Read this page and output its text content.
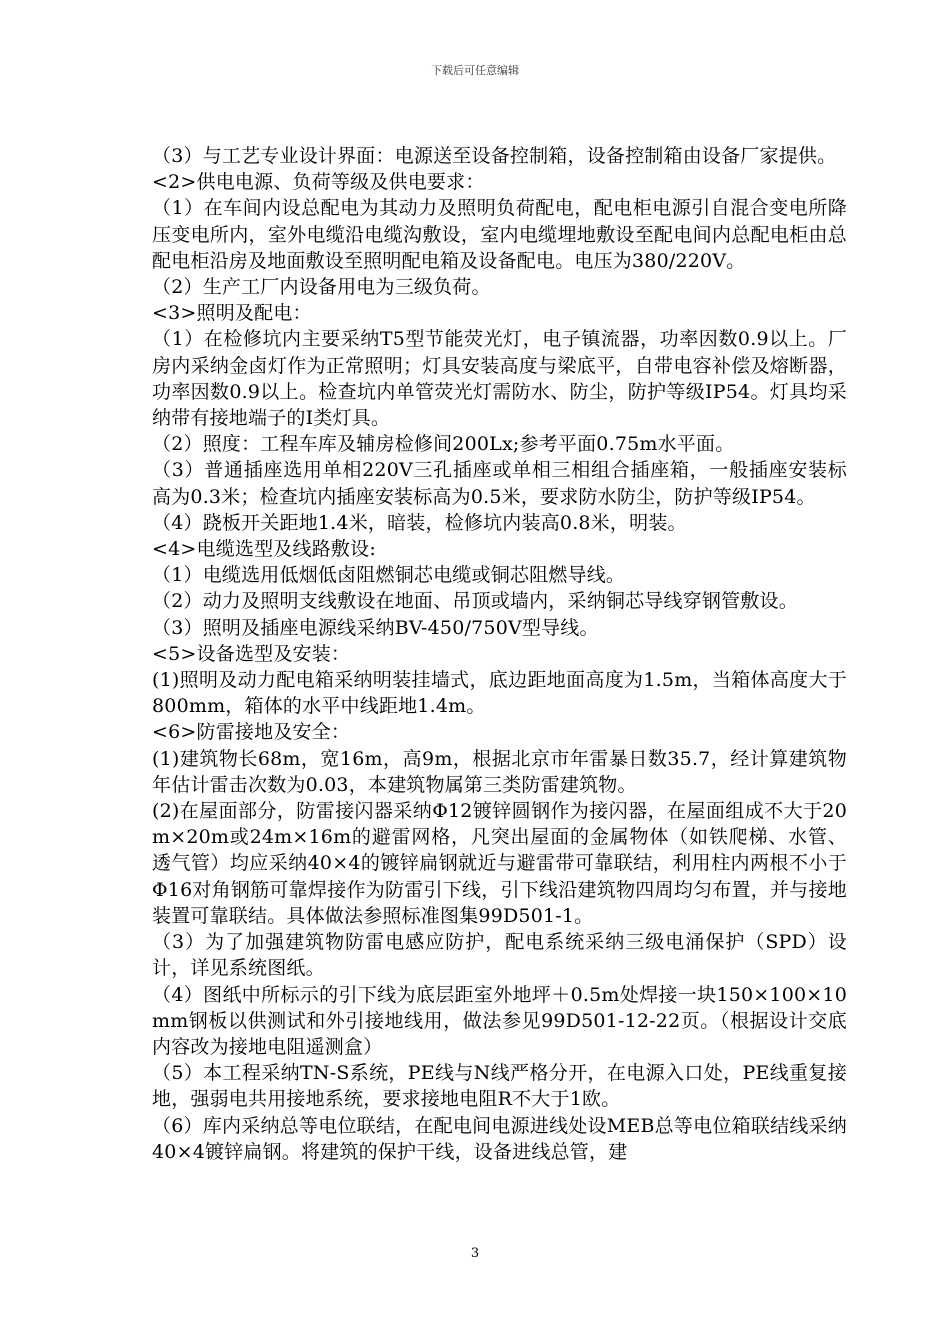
下载后可任意编辑

（3）与工艺专业设计界面：电源送至设备控制箱，设备控制箱由设备厂家提供。

<2>供电电源、负荷等级及供电要求：

（1）在车间内设总配电为其动力及照明负荷配电，配电柜电源引自混合变电所降压变电所内，室外电缆沿电缆沟敷设，室内电缆埋地敷设至配电间内总配电柜由总配电柜沿房及地面敷设至照明配电箱及设备配电。电压为380/220V。

（2）生产工厂内设备用电为三级负荷。

<3>照明及配电：

（1）在检修坑内主要采纳T5型节能荧光灯，电子镇流器，功率因数0.9以上。厂房内采纳金卤灯作为正常照明；灯具安装高度与梁底平，自带电容补偿及熔断器，功率因数0.9以上。检查坑内单管荧光灯需防水、防尘，防护等级IP54。灯具均采纳带有接地端子的I类灯具。

（2）照度：工程车库及辅房检修间200Lx;参考平面0.75m水平面。

（3）普通插座选用单相220V三孔插座或单相三相组合插座箱，一般插座安装标高为0.3米；检查坑内插座安装标高为0.5米，要求防水防尘，防护等级IP54。

（4）跷板开关距地1.4米，暗装，检修坑内装高0.8米，明装。

<4>电缆选型及线路敷设:

（1）电缆选用低烟低卤阻燃铜芯电缆或铜芯阻燃导线。

（2）动力及照明支线敷设在地面、吊顶或墙内，采纳铜芯导线穿钢管敷设。

（3）照明及插座电源线采纳BV-450/750V型导线。

<5>设备选型及安装：

(1)照明及动力配电箱采纳明装挂墙式，底边距地面高度为1.5m，当箱体高度大于800mm，箱体的水平中线距地1.4m。

<6>防雷接地及安全：

(1)建筑物长68m，宽16m，高9m，根据北京市年雷暴日数35.7，经计算建筑物年估计雷击次数为0.03，本建筑物属第三类防雷建筑物。

(2)在屋面部分，防雷接闪器采纳Φ12镀锌圆钢作为接闪器，在屋面组成不大于20m×20m或24m×16m的避雷网格，凡突出屋面的金属物体（如铁爬梯、水管、透气管）均应采纳40×4的镀锌扁钢就近与避雷带可靠联结，利用柱内两根不小于Φ16对角钢筋可靠焊接作为防雷引下线，引下线沿建筑物四周均匀布置，并与接地装置可靠联结。具体做法参照标准图集99D501-1。

（3）为了加强建筑物防雷电感应防护，配电系统采纳三级电涌保护（SPD）设计，详见系统图纸。

（4）图纸中所标示的引下线为底层距室外地坪＋0.5m处焊接一块150×100×10mm钢板以供测试和外引接地线用，做法参见99D501-12-22页。（根据设计交底内容改为接地电阻遥测盒）

（5）本工程采纳TN-S系统，PE线与N线严格分开，在电源入口处，PE线重复接地，强弱电共用接地系统，要求接地电阻R不大于1欧。

（6）库内采纳总等电位联结，在配电间电源进线处设MEB总等电位箱联结线采纳40×4镀锌扁钢。将建筑的保护干线，设备进线总管，建

3
